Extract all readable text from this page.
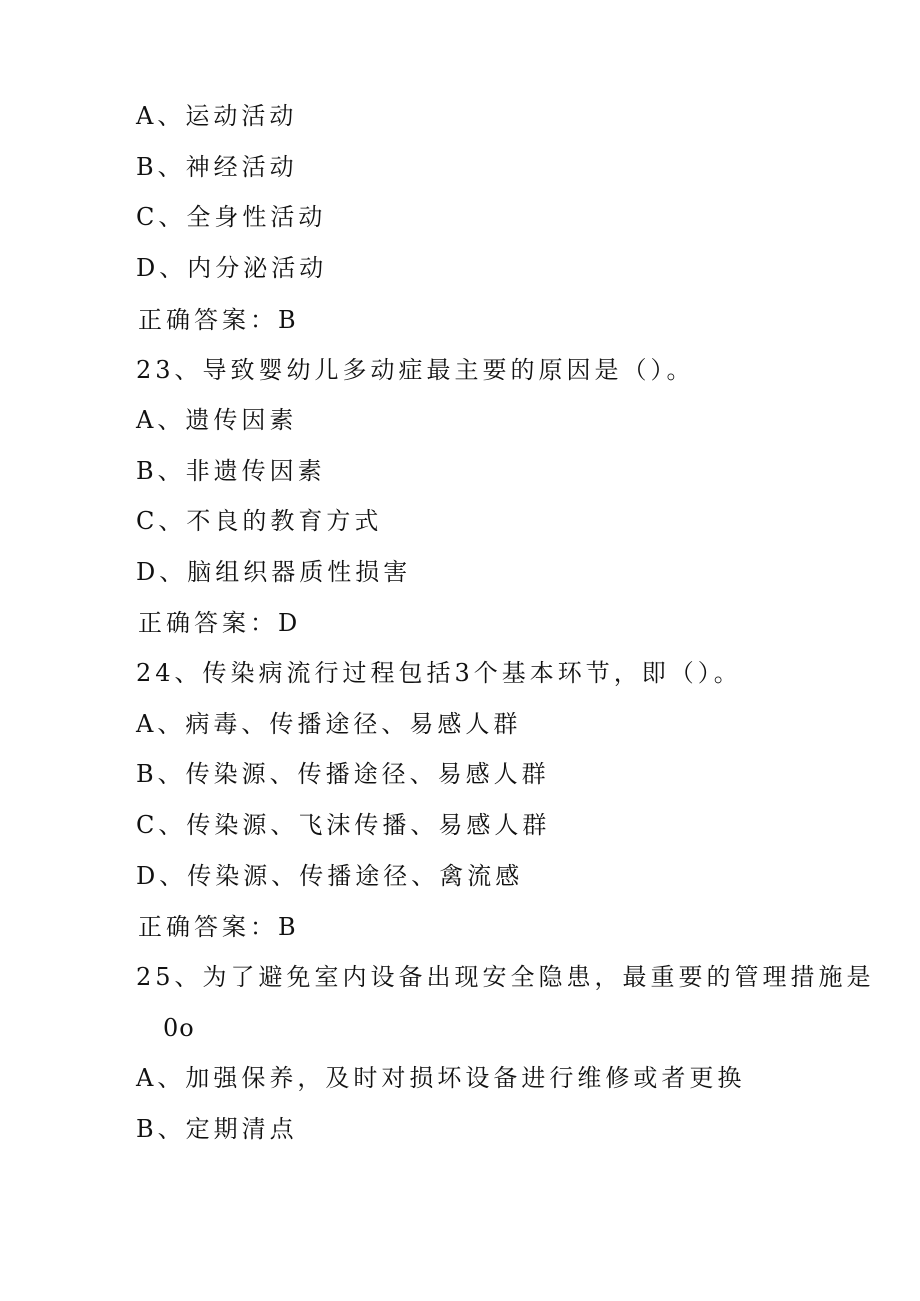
A、运动活动
B、神经活动
C、全身性活动
D、内分泌活动
正确答案：B
23、导致婴幼儿多动症最主要的原因是（）。
A、遗传因素
B、非遗传因素
C、不良的教育方式
D、脑组织器质性损害
正确答案：D
24、传染病流行过程包括3个基本环节，即（）。
A、病毒、传播途径、易感人群
B、传染源、传播途径、易感人群
C、传染源、飞沫传播、易感人群
D、传染源、传播途径、禽流感
正确答案：B
25、为了避免室内设备出现安全隐患，最重要的管理措施是
0o
A、加强保养，及时对损坏设备进行维修或者更换
B、定期清点
